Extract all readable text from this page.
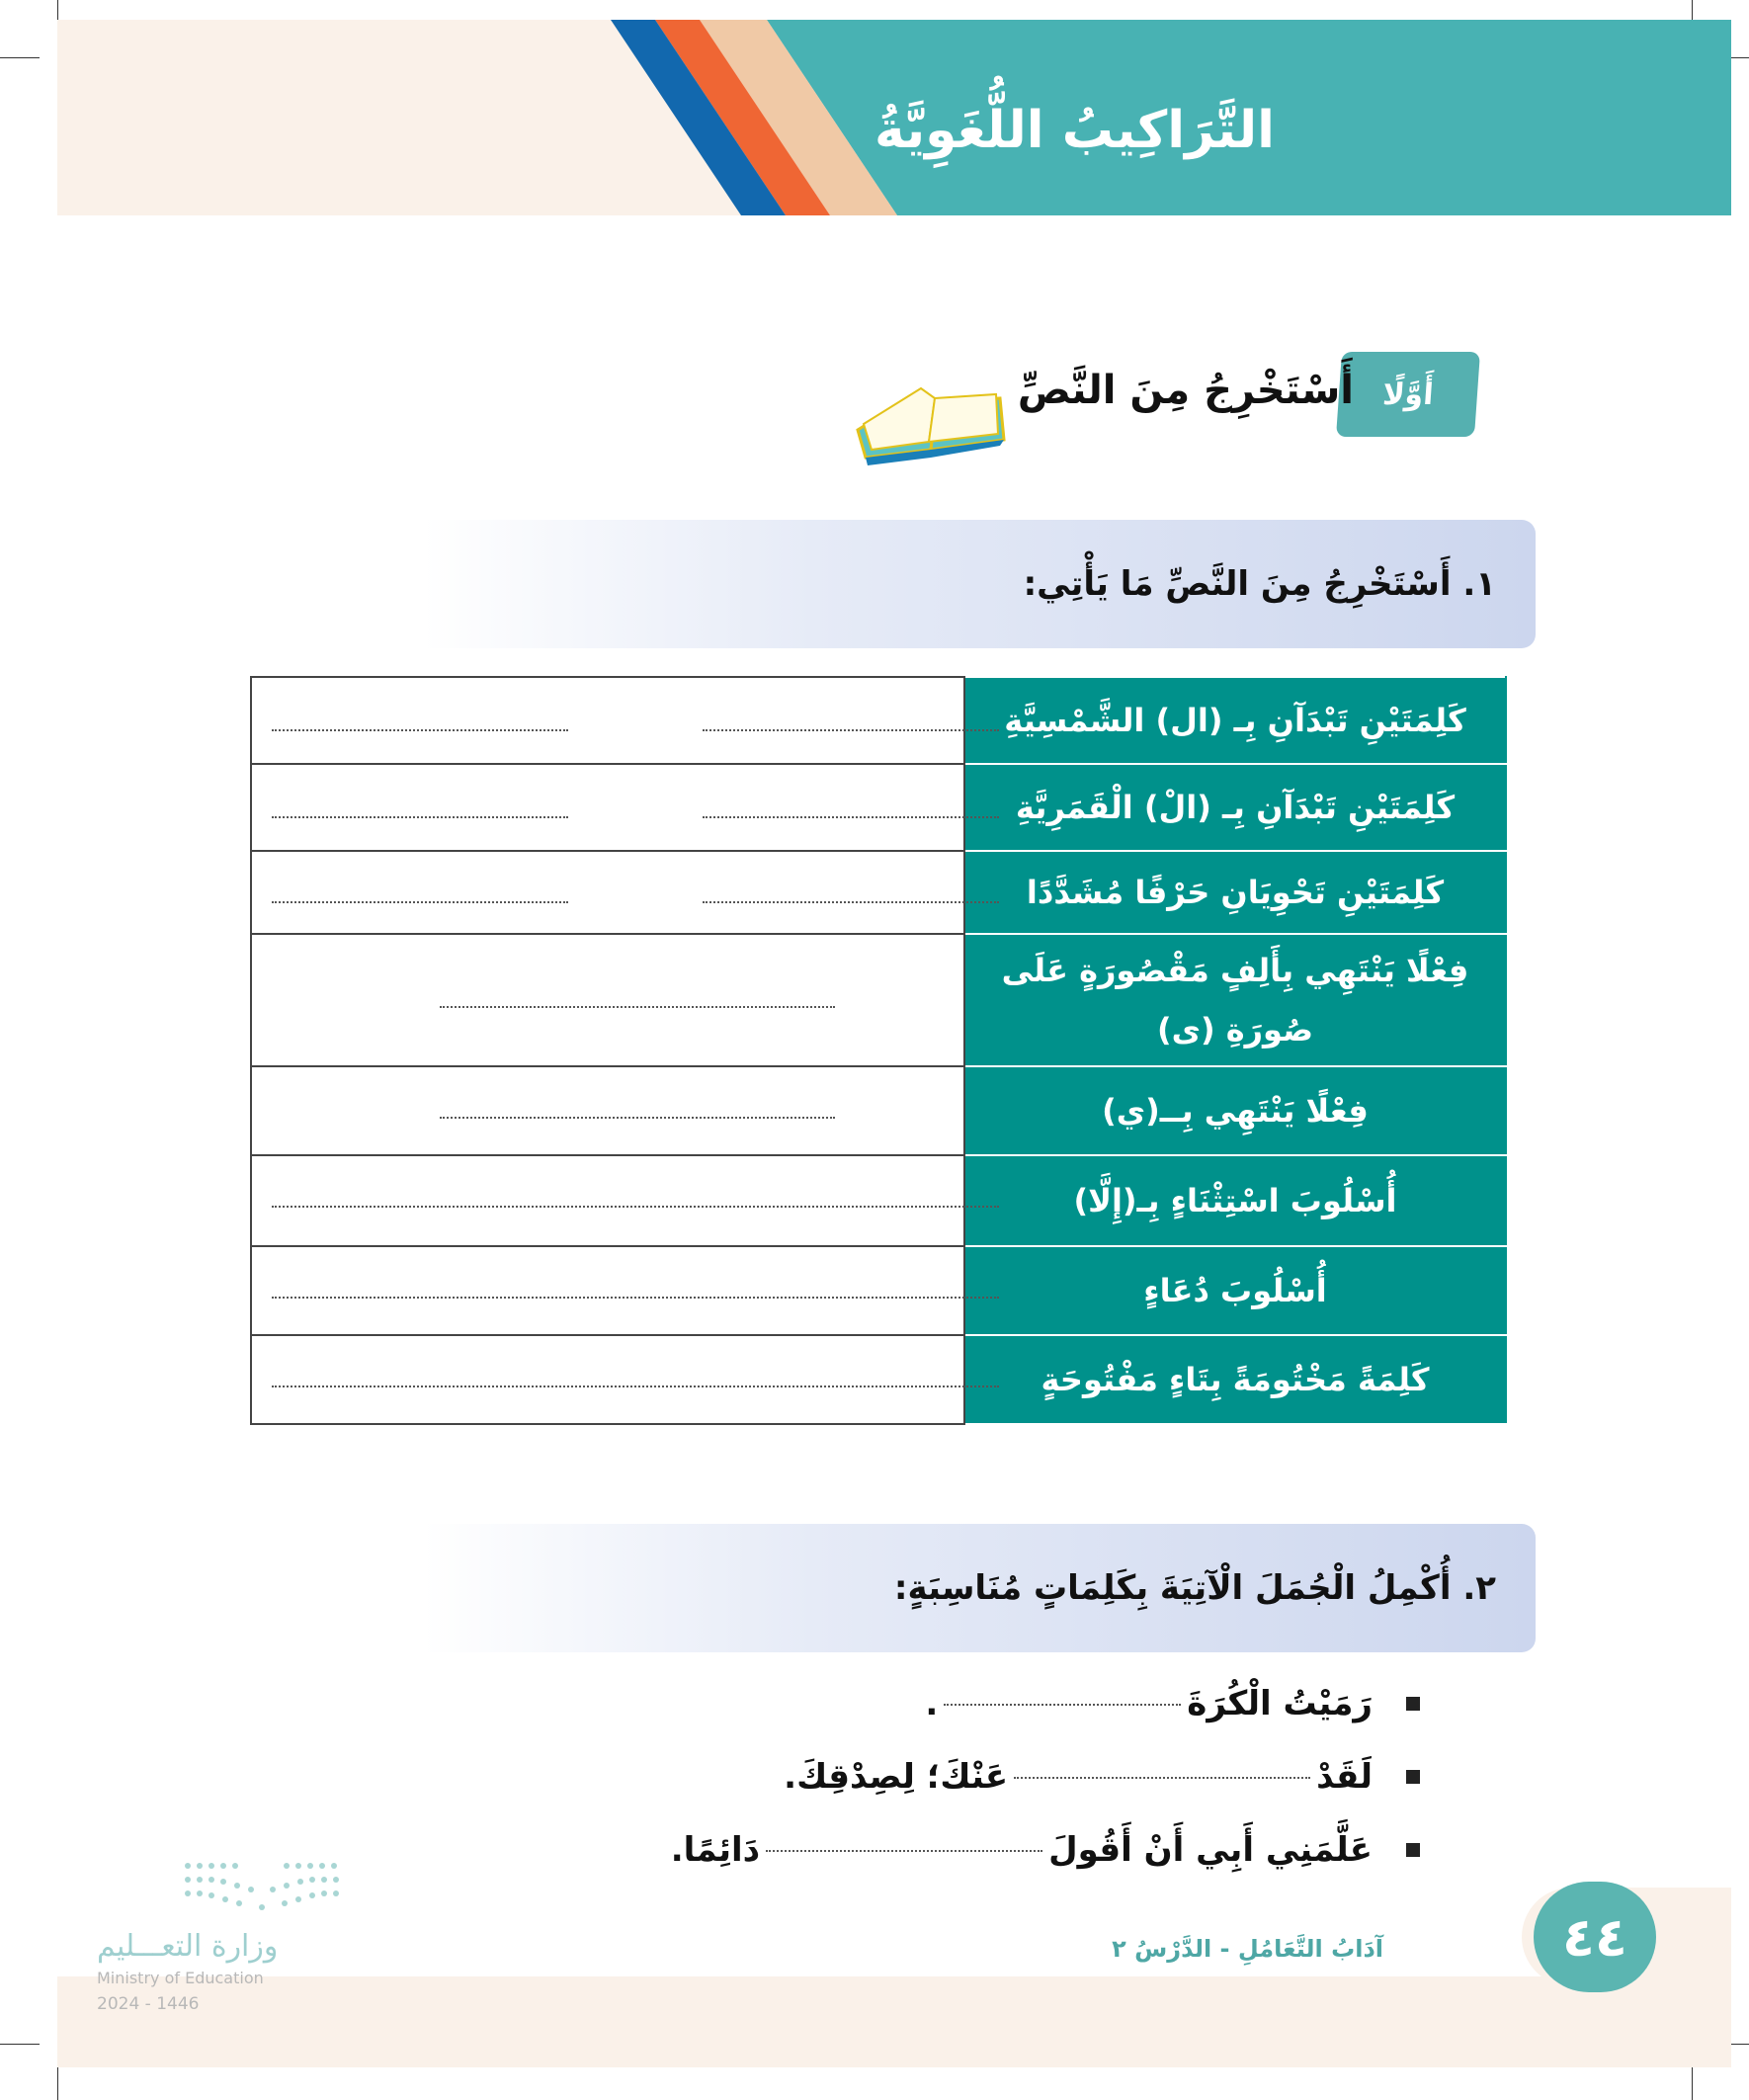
التَّرَاكِيبُ اللُّغَوِيَّةُ
أَوَّلًا
أَسْتَخْرِجُ مِنَ النَّصِّ
١. أَسْتَخْرِجُ مِنَ النَّصِّ مَا يَأْتِي:
	كَلِمَتَيْنِ تَبْدَآنِ بِـ (ال) الشَّمْسِيَّةِ

	كَلِمَتَيْنِ تَبْدَآنِ بِـ (الْ) الْقَمَرِيَّةِ

	كَلِمَتَيْنِ تَحْوِيَانِ حَرْفًا مُشَدَّدًا

	فِعْلًا يَنْتَهِي بِأَلِفٍ مَقْصُورَةٍ عَلَى صُورَةِ (ى)

	فِعْلًا يَنْتَهِي بِــ(ي)

	أُسْلُوبَ اسْتِثْنَاءٍ بِـ(إِلَّا)

	أُسْلُوبَ دُعَاءٍ

	كَلِمَةً مَخْتُومَةً بِتَاءٍ مَفْتُوحَةٍ
٢. أُكْمِلُ الْجُمَلَ الْآتِيَةَ بِكَلِمَاتٍ مُنَاسِبَةٍ:
رَمَيْتُ الْكُرَةَ
.
لَقَدْ
عَنْكَ؛ لِصِدْقِكَ.
عَلَّمَنِي أَبِي أَنْ أَقُولَ
دَائِمًا.
٤٤
آدَابُ التَّعَامُلِ - الدَّرْسُ ٢
وزارة التعـــليم
Ministry of Education
2024 - 1446
